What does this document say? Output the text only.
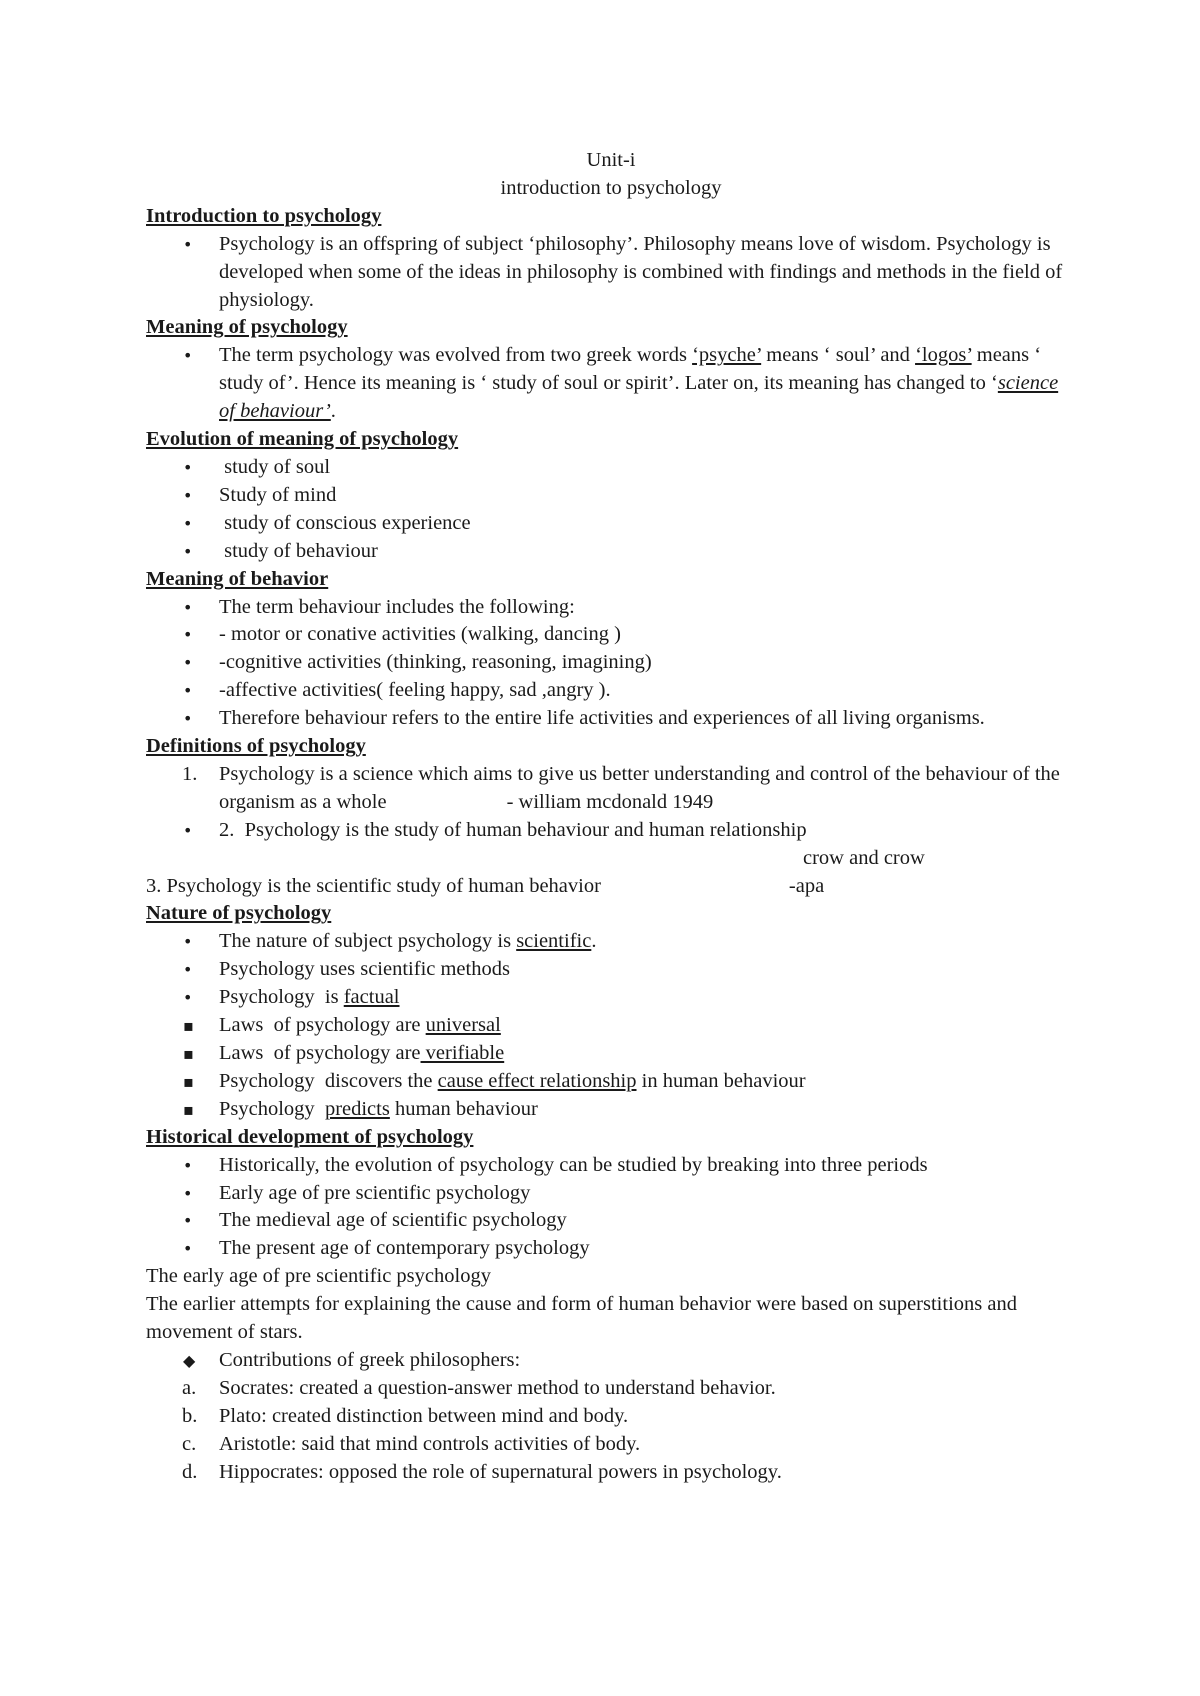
Unit-i
introduction to psychology
Introduction to psychology
•	Psychology is an offspring of subject ‘philosophy’. Philosophy means love of wisdom. Psychology is developed when some of the ideas in philosophy is combined with findings and methods in the field of physiology.
Meaning of psychology
•	The term psychology was evolved from two greek words ‘psyche’ means ‘ soul’ and ‘logos’ means ‘ study of’. Hence its meaning is ‘ study of soul or spirit’. Later on, its meaning has changed to ‘science of behaviour’.
Evolution of meaning of psychology
•	study of soul
•	Study of mind
•	study of conscious experience
•	study of behaviour
Meaning of behavior
•	The term behaviour includes the following:
•	- motor or conative activities (walking, dancing )
•	-cognitive activities (thinking, reasoning, imagining)
•	-affective activities( feeling happy, sad ,angry ).
•	Therefore behaviour refers to the entire life activities and experiences of all living organisms.
Definitions of psychology
1.	Psychology is a science which aims to give us better understanding and control of the behaviour of the organism as a whole	- william mcdonald 1949
•	2.  Psychology is the study of human behaviour and human relationship
crow and crow
3. Psychology is the scientific study of human behavior	-apa
Nature of psychology
•	The nature of subject psychology is scientific.
•	Psychology uses scientific methods
•	Psychology  is factual
▪	Laws  of psychology are universal
▪	Laws  of psychology are verifiable
▪	Psychology  discovers the cause effect relationship in human behaviour
▪	Psychology  predicts human behaviour
Historical development of psychology
•	Historically, the evolution of psychology can be studied by breaking into three periods
•	Early age of pre scientific psychology
•	The medieval age of scientific psychology
•	The present age of contemporary psychology
The early age of pre scientific psychology
The earlier attempts for explaining the cause and form of human behavior were based on superstitions and movement of stars.
◆	Contributions of greek philosophers:
a.	Socrates: created a question-answer method to understand behavior.
b.	Plato: created distinction between mind and body.
c.	Aristotle: said that mind controls activities of body.
d.	Hippocrates: opposed the role of supernatural powers in psychology.
